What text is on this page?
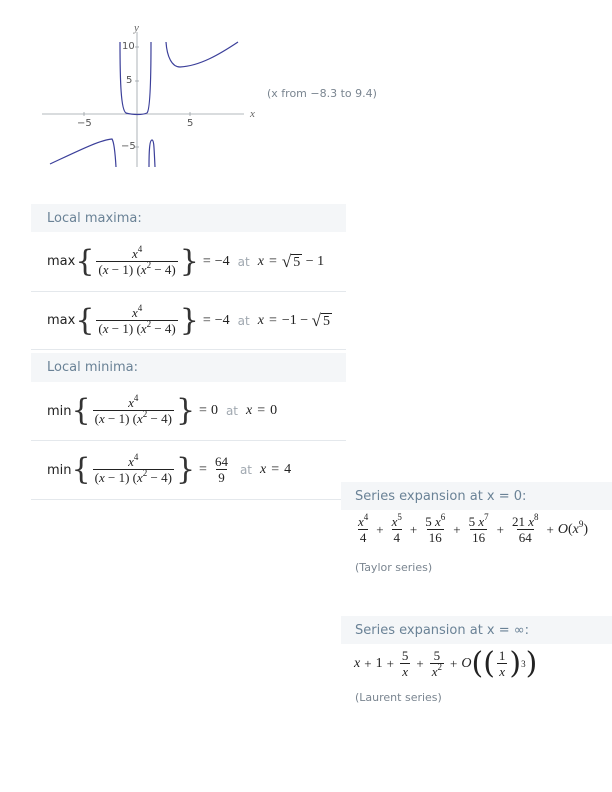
y
x
10
5
−5
−5	5
(x from −8.3 to 9.4)
Local maxima:
max { $\frac{x^4}{(x - 1) (x^2 - 4)}$ } = −4 at x = √ 5 − 1
max { $\frac{x^4}{(x - 1) (x^2 - 4)}$ } = −4 at x = −1 − √ 5
Local minima:
min { $\frac{x^4}{(x - 1) (x^2 - 4)}$ } = 0 at x = 0
min { $\frac{x^4}{(x - 1) (x^2 - 4)}$ } = $\frac{64}{9}$ at x = 4
Series expansion at x = 0:
$\frac{x^4}{4} + \frac{x^5}{4} + \frac{5 x^6}{16} + \frac{5 x^7}{16} + \frac{21 x^8}{64} + O(x^9)$
(Taylor series)
Series expansion at x = ∞:
$x + 1 + \frac{5}{x} + \frac{5}{x^2} + O$ (( $\frac{1}{x}$ ) 3 )
(Laurent series)
